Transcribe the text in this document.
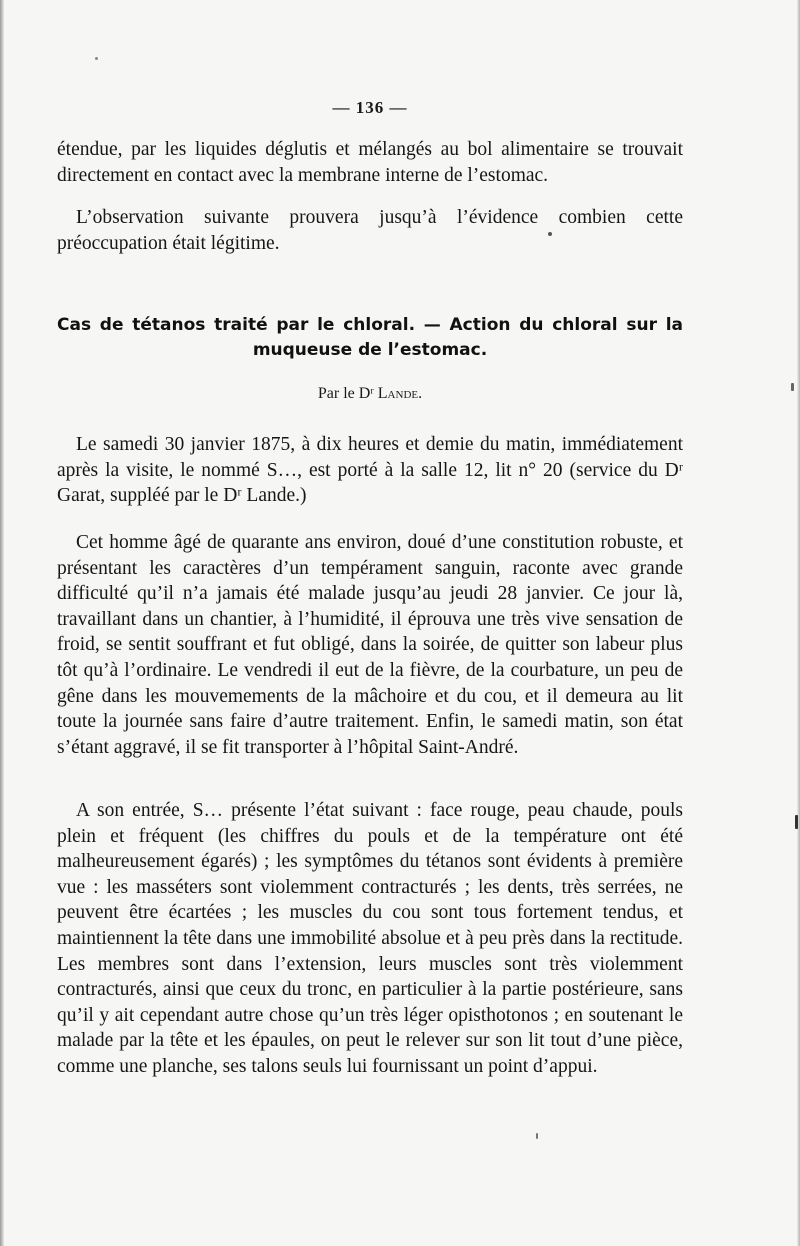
— 136 —
étendue, par les liquides déglutis et mélangés au bol alimentaire se trouvait directement en contact avec la membrane interne de l’estomac.
L’observation suivante prouvera jusqu’à l’évidence combien cette préoccupation était légitime.
Cas de tétanos traité par le chloral. — Action du chloral sur la
muqueuse de l’estomac.
Par le Dʳ Lande.
Le samedi 30 janvier 1875, à dix heures et demie du matin, immédiatement après la visite, le nommé S…, est porté à la salle 12, lit n° 20 (service du Dʳ Garat, suppléé par le Dʳ Lande.)
Cet homme âgé de quarante ans environ, doué d’une constitution robuste, et présentant les caractères d’un tempérament sanguin, raconte avec grande difficulté qu’il n’a jamais été malade jusqu’au jeudi 28 janvier. Ce jour là, travaillant dans un chantier, à l’humidité, il éprouva une très vive sensation de froid, se sentit souffrant et fut obligé, dans la soirée, de quitter son labeur plus tôt qu’à l’ordinaire. Le vendredi il eut de la fièvre, de la courbature, un peu de gêne dans les mouvemements de la mâchoire et du cou, et il demeura au lit toute la journée sans faire d’autre traitement. Enfin, le samedi matin, son état s’étant aggravé, il se fit transporter à l’hôpital Saint-André.
A son entrée, S… présente l’état suivant : face rouge, peau chaude, pouls plein et fréquent (les chiffres du pouls et de la température ont été malheureusement égarés) ; les symptômes du tétanos sont évidents à première vue : les masséters sont violemment contracturés ; les dents, très serrées, ne peuvent être écartées ; les muscles du cou sont tous fortement tendus, et maintiennent la tête dans une immobilité absolue et à peu près dans la rectitude. Les membres sont dans l’extension, leurs muscles sont très violemment contracturés, ainsi que ceux du tronc, en particulier à la partie postérieure, sans qu’il y ait cependant autre chose qu’un très léger opisthotonos ; en soutenant le malade par la tête et les épaules, on peut le relever sur son lit tout d’une pièce, comme une planche, ses talons seuls lui fournissant un point d’appui.
